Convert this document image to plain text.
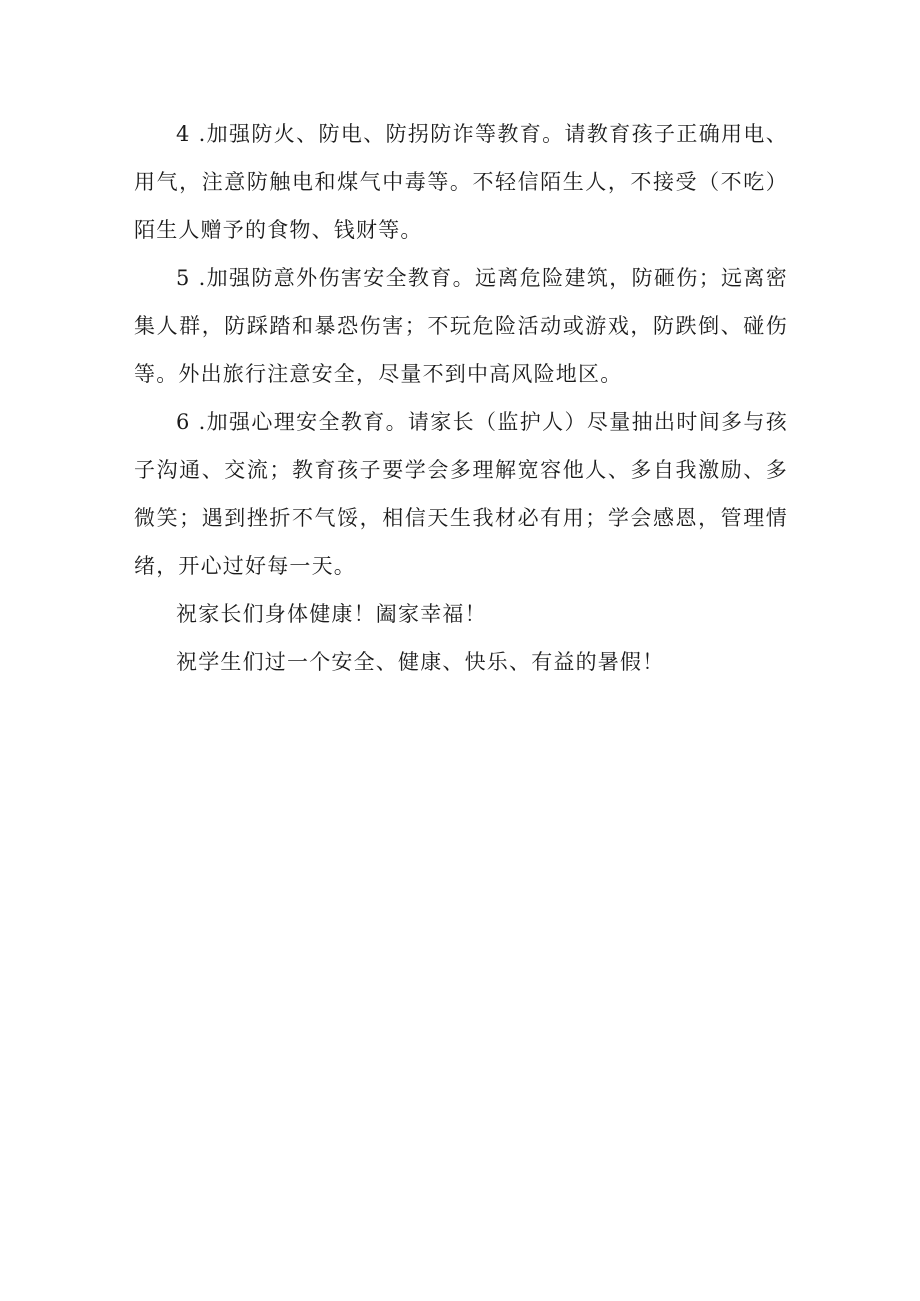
4 .加强防火、防电、防拐防诈等教育。请教育孩子正确用电、用气，注意防触电和煤气中毒等。不轻信陌生人，不接受（不吃）陌生人赠予的食物、钱财等。

5 .加强防意外伤害安全教育。远离危险建筑，防砸伤；远离密集人群，防踩踏和暴恐伤害；不玩危险活动或游戏，防跌倒、碰伤等。外出旅行注意安全，尽量不到中高风险地区。

6 .加强心理安全教育。请家长（监护人）尽量抽出时间多与孩子沟通、交流；教育孩子要学会多理解宽容他人、多自我激励、多微笑；遇到挫折不气馁，相信天生我材必有用；学会感恩，管理情绪，开心过好每一天。

祝家长们身体健康！阖家幸福！

祝学生们过一个安全、健康、快乐、有益的暑假！
